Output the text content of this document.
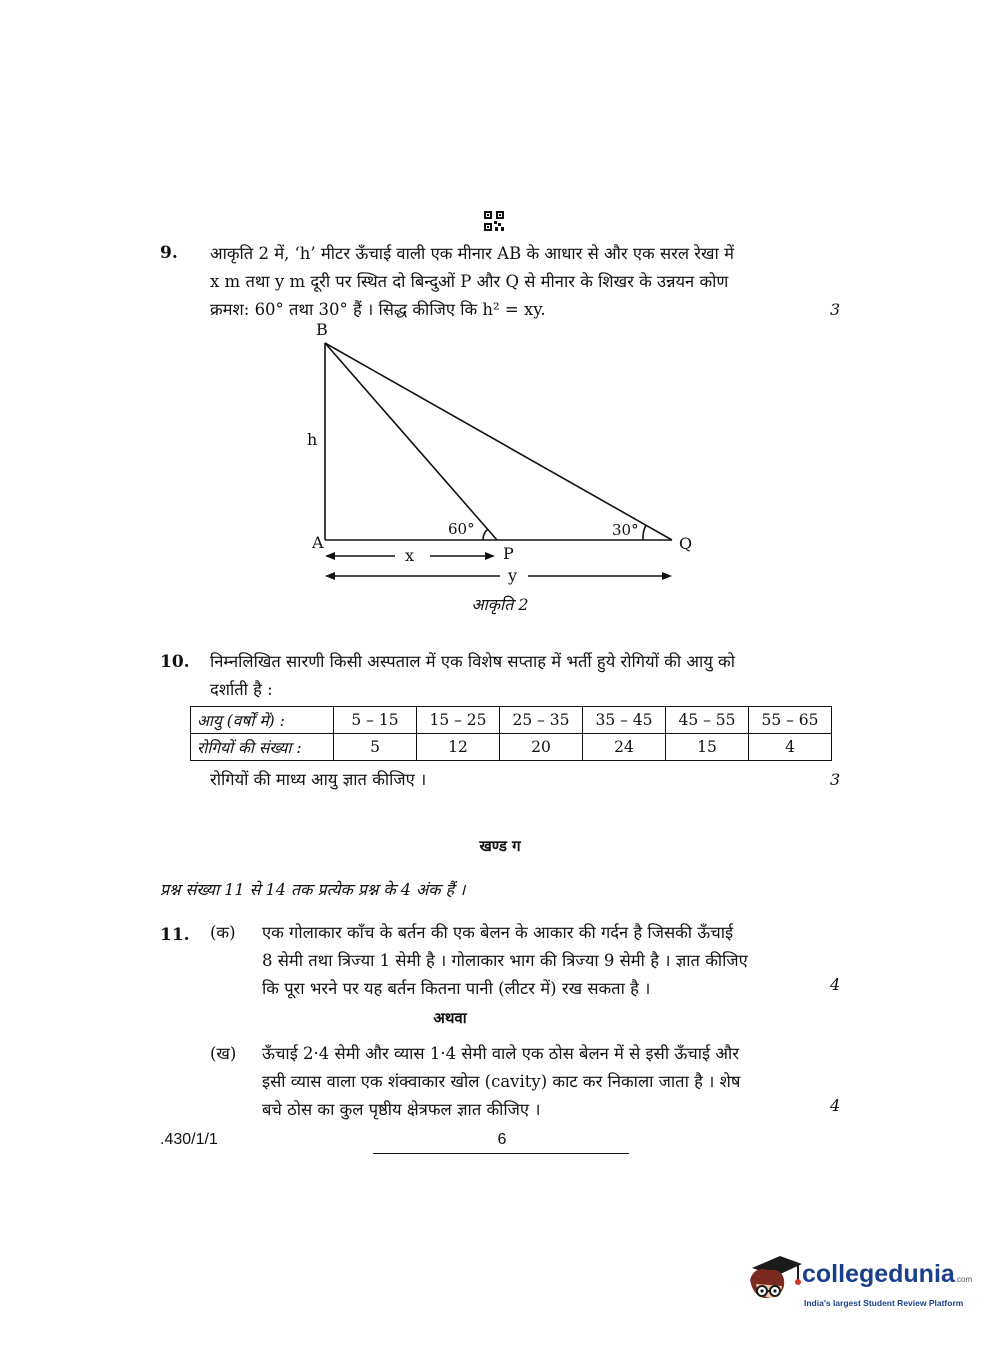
9. आकृति 2 में, ‘h’ मीटर ऊँचाई वाली एक मीनार AB के आधार से और एक सरल रेखा में
x m तथा y m दूरी पर स्थित दो बिन्दुओं P और Q से मीनार के शिखर के उन्नयन कोण
क्रमश: 60° तथा 30° हैं । सिद्ध कीजिए कि h² = xy.	3
B
A
P
Q
h
x
y
60°	30°
आकृति 2
10. निम्नलिखित सारणी किसी अस्पताल में एक विशेष सप्ताह में भर्ती हुये रोगियों की आयु को
दर्शाती है :
आयु (वर्षों में) :	5 – 15	15 – 25	25 – 35	35 – 45	45 – 55	55 – 65
रोगियों की संख्या :	5	12	20	24	15	4
रोगियों की माध्य आयु ज्ञात कीजिए ।	3
खण्ड ग
प्रश्न संख्या 11 से 14 तक प्रत्येक प्रश्न के 4 अंक हैं ।
11. (क) एक गोलाकार काँच के बर्तन की एक बेलन के आकार की गर्दन है जिसकी ऊँचाई
8 सेमी तथा त्रिज्या 1 सेमी है । गोलाकार भाग की त्रिज्या 9 सेमी है । ज्ञात कीजिए
कि पूरा भरने पर यह बर्तन कितना पानी (लीटर में) रख सकता है ।	4
अथवा
(ख) ऊँचाई 2·4 सेमी और व्यास 1·4 सेमी वाले एक ठोस बेलन में से इसी ऊँचाई और
इसी व्यास वाला एक शंक्वाकार खोल (cavity) काट कर निकाला जाता है । शेष
बचे ठोस का कुल पृष्ठीय क्षेत्रफल ज्ञात कीजिए ।	4
.430/1/1	6
collegedunia.com
India's largest Student Review Platform
